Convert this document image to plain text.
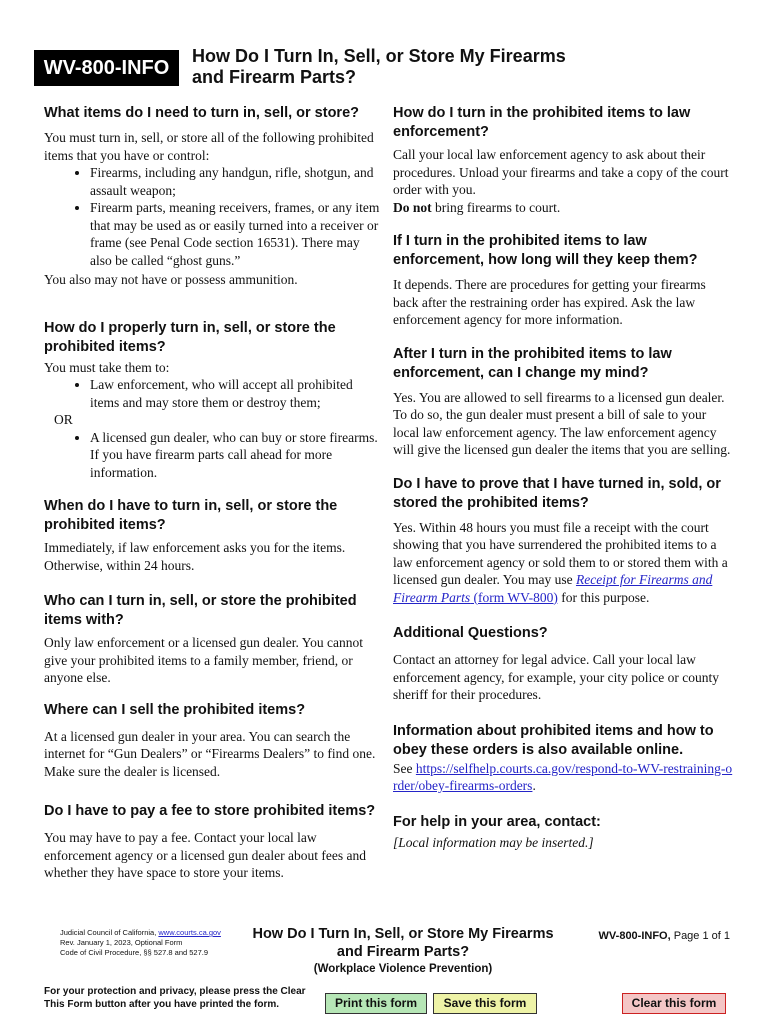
WV-800-INFO
How Do I Turn In, Sell, or Store My Firearms
and Firearm Parts?
What items do I need to turn in, sell, or store?

You must turn in, sell, or store all of the following prohibited items that you have or control:

• Firearms, including any handgun, rifle, shotgun, and assault weapon;
• Firearm parts, meaning receivers, frames, or any item that may be used as or easily turned into a receiver or frame (see Penal Code section 16531). There may also be called “ghost guns.”

You also may not have or possess ammunition.

How do I properly turn in, sell, or store the prohibited items?

You must take them to:

• Law enforcement, who will accept all prohibited items and may store them or destroy them;
OR
• A licensed gun dealer, who can buy or store firearms. If you have firearm parts call ahead for more information.
When do I have to turn in, sell, or store the prohibited items?

Immediately, if law enforcement asks you for the items. Otherwise, within 24 hours.

Who can I turn in, sell, or store the prohibited items with?

Only law enforcement or a licensed gun dealer. You cannot give your prohibited items to a family member, friend, or anyone else.

Where can I sell the prohibited items?

At a licensed gun dealer in your area. You can search the internet for “Gun Dealers” or “Firearms Dealers” to find one. Make sure the dealer is licensed.

Do I have to pay a fee to store prohibited items?

You may have to pay a fee. Contact your local law enforcement agency or a licensed gun dealer about fees and whether they have space to store your items.

How do I turn in the prohibited items to law enforcement?

Call your local law enforcement agency to ask about their procedures. Unload your firearms and take a copy of the court order with you.

Do not bring firearms to court.

If I turn in the prohibited items to law enforcement, how long will they keep them?

It depends. There are procedures for getting your firearms back after the restraining order has expired. Ask the law enforcement agency for more information.

After I turn in the prohibited items to law enforcement, can I change my mind?

Yes. You are allowed to sell firearms to a licensed gun dealer. To do so, the gun dealer must present a bill of sale to your local law enforcement agency. The law enforcement agency will give the licensed gun dealer the items that you are selling.

Do I have to prove that I have turned in, sold, or stored the prohibited items?

Yes. Within 48 hours you must file a receipt with the court showing that you have surrendered the prohibited items to a law enforcement agency or sold them to or stored them with a licensed gun dealer. You may use Receipt for Firearms and Firearm Parts (form WV-800) for this purpose.

Additional Questions?

Contact an attorney for legal advice. Call your local law enforcement agency, for example, your city police or county sheriff for their procedures.

Information about prohibited items and how to obey these orders is also available online.

See https://selfhelp.courts.ca.gov/respond-to-WV-restraining-order/obey-firearms-orders.

For help in your area, contact:

[Local information may be inserted.]

Judicial Council of California, www.courts.ca.gov
Rev. January 1, 2023, Optional Form
Code of Civil Procedure, §§ 527.8 and 527.9
How Do I Turn In, Sell, or Store My Firearms
and Firearm Parts?
WV-800-INFO, Page 1 of 1
(Workplace Violence Prevention)
For your protection and privacy, please press the Clear
This Form button after you have printed the form.	Print this form	Save this form	Clear this form
